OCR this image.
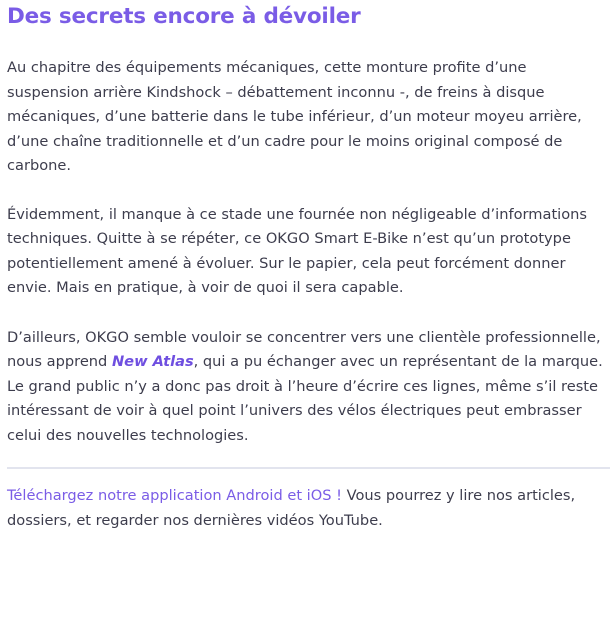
Des secrets encore à dévoiler

Au chapitre des équipements mécaniques, cette monture profite d’une suspension arrière Kindshock – débattement inconnu -, de freins à disque mécaniques, d’une batterie dans le tube inférieur, d’un moteur moyeu arrière, d’une chaîne traditionnelle et d’un cadre pour le moins original composé de carbone.

Évidemment, il manque à ce stade une fournée non négligeable d’informations techniques. Quitte à se répéter, ce OKGO Smart E-Bike n’est qu’un prototype potentiellement amené à évoluer. Sur le papier, cela peut forcément donner envie. Mais en pratique, à voir de quoi il sera capable.

D’ailleurs, OKGO semble vouloir se concentrer vers une clientèle professionnelle, nous apprend New Atlas, qui a pu échanger avec un représentant de la marque. Le grand public n’y a donc pas droit à l’heure d’écrire ces lignes, même s’il reste intéressant de voir à quel point l’univers des vélos électriques peut embrasser celui des nouvelles technologies.

Téléchargez notre application Android et iOS ! Vous pourrez y lire nos articles, dossiers, et regarder nos dernières vidéos YouTube.
